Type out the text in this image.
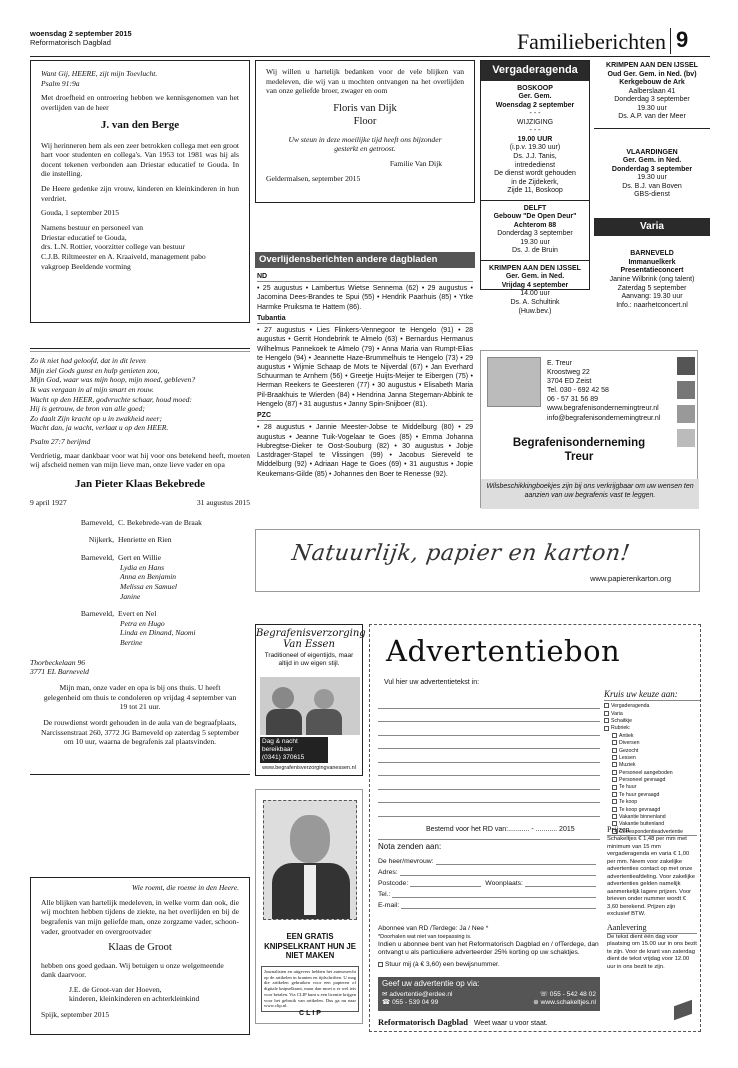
woensdag 2 september 2015
Reformatorisch Dagblad	Familieberichten 9

Want Gij, HEERE, zijt mijn Toevlucht.

Psalm 91:9a

Met droefheid en ontroering hebben we kennisgenomen van het overlijden van de heer

J. van den Berge

Wij herinneren hem als een zeer betrokken collega met een groot hart voor studenten en collega's. Van 1953 tot 1981 was hij als docent tekenen verbonden aan Driestar educatief te Gouda. In die instelling.

De Heere gedenke zijn vrouw, kinderen en kleinkinderen in hun verdriet.

Gouda, 1 september 2015

Namens bestuur en personeel van
Driestar educatief te Gouda,
drs. L.N. Rottier, voorzitter college van bestuur
C.J.B. Riltmeester en A. Kraaiveld, management pabo
vakgroep Beeldende vorming

Wij willen u hartelijk bedanken voor de vele blijken van medeleven, die wij van u mochten ontvangen na het overlijden van onze geliefde broer, zwager en oom

Floris van Dijk

Floor

Uw steun in deze moeilijke tijd heeft ons bijzonder gesterkt en getroost.

Familie Van Dijk

Geldermalsen, september 2015

Vergaderagenda
BOSKOOP
Ger. Gem.
Woensdag 2 september
- - -
WIJZIGING
- - -
19.00 UUR
(i.p.v. 19.30 uur)
Ds. J.J. Tanis,
intrededienst
De dienst wordt gehouden
in de Zijdekerk,
Zijde 11, Boskoop
DELFT
Gebouw "De Open Deur"
Achterom 88
Donderdag 3 september
19.30 uur
Ds. J. de Bruin
KRIMPEN AAN DEN IJSSEL
Ger. Gem. in Ned.
Vrijdag 4 september
14.00 uur
Ds. A. Schultink
(Huw.bev.)
KRIMPEN AAN DEN IJSSEL
Oud Ger. Gem. in Ned. (bv)
Kerkgebouw de Ark
Aalberslaan 41
Donderdag 3 september
19.30 uur
Ds. A.P. van der Meer
VLAARDINGEN
Ger. Gem. in Ned.
Donderdag 3 september
19.30 uur
Ds. B.J. van Boven
GBS-dienst
Varia
BARNEVELD
Immanuelkerk
Presentatieconcert
Janine Wilbrink (ong talent)
Zaterdag 5 september
Aanvang: 19.30 uur
Info.: naarhetconcert.nl
Overlijdensberichten andere dagbladen
ND
• 25 augustus • Lambertus Wietse Sennema (62) • 29 augustus • Jacomina Dees-Brandes te Spui (55) • Hendrik Paarhuis (85) • Ytke Harmke Pruiksma te Hattem (86).
Tubantia
• 27 augustus • Lies Flinkers-Vennegoor te Hengelo (91) • 28 augustus • Gerrit Hondebrink te Almelo (63) • Bernardus Hermanus Wilhelmus Pannekoek te Almelo (79) • Anna Maria van Rumpt-Elias te Hengelo (94) • Jeannette Haze-Brummelhuis te Hengelo (73) • 29 augustus • Wijmie Schaap de Mots te Nijverdal (67) • Jan Everhard Schuurman te Arnhem (56) • Greetje Huijts-Meijer te Eibergen (75) • Herman Reekers te Geesteren (77) • 30 augustus • Elisabeth Maria Pil-Braakhuis te Wierden (84) • Hendrina Janna Stegeman-Abbink te Hengelo (87) • 31 augustus • Janny Spin-Snijboer (81).
PZC
• 28 augustus • Jannie Meester-Jobse te Middelburg (80) • 29 augustus • Jeanne Tuik-Vogelaar te Goes (85) • Emma Johanna Hubregtse-Dieker te Oost-Souburg (82) • 30 augustus • Jobje Lastdrager-Stapel te Vlissingen (99) • Jacobus Siereveld te Middelburg (92) • Adriaan Hage te Goes (69) • 31 augustus • Jopie Keukemans-Gilde (85) • Johannes den Boer te Renesse (92).
E. Treur
Kroostweg 22
3704 ED Zeist
Tel. 030 - 692 42 58
06 - 57 31 56 89
www.begrafenisondernemingtreur.nl
info@begrafenisondernemingtreur.nl
Begrafenisonderneming
Treur
Wilsbeschikkingboekjes zijn bij ons verkrijgbaar om uw wensen ten aanzien van uw begrafenis vast te leggen.
Zo ik niet had geloofd, dat in dit leven
Mijn ziel Gods gunst en hulp genieten zou,
Mijn God, waar was mijn hoop, mijn moed, gebleven?
Ik was vergaan in al mijn smart en rouw.
Wacht op den HEER, godvruchte schaar, houd moed:
Hij is getrouw, de bron van alle goed;
Zo daalt Zijn kracht op u in zwakheid neer;
Wacht dan, ja wacht, verlaat u op den HEER.

Psalm 27:7 berijmd

Verdrietig, maar dankbaar voor wat hij voor ons betekend heeft, moeten wij afscheid nemen van mijn lieve man, onze lieve vader en opa

Jan Pieter Klaas Bekebrede

9 april 1927	31 augustus 2015
Barneveld, C. Bekebrede-van de Braak
Nijkerk, Henriette en Rien
Barneveld, Gert en Willie
Lydia en Hans
Anna en Benjamin
Melissa en Samuel
Janine
Barneveld, Evert en Nel
Petra en Hugo
Linda en Dinand, Naomi
Bertine

Thorbeckelaan 96

3771 EL Barneveld

Mijn man, onze vader en opa is bij ons thuis. U heeft gelegenheid om thuis te condoleren op vrijdag 4 september van 19 tot 21 uur.

De rouwdienst wordt gehouden in de aula van de begraafplaats, Narcissenstraat 260, 3772 JG Barneveld op zaterdag 5 september om 10 uur, waarna de begrafenis zal plaatsvinden.

Natuurlijk, papier en karton!
www.papierenkarton.org
Begrafenisverzorging
Van Essen
Traditioneel of eigentijds, maar altijd in uw eigen stijl.
Dag & nacht bereikbaar
(0341) 370615
www.begrafenisverzorgingvanessen.nl
EEN GRATIS KNIPSELKRANT HUN JE NIET MAKEN
Journalisten en uitgevers hebben het auteursrecht op de artikelen in kranten en tijdschriften. U mag die artikelen gebruiken voor een papieren of digitale knipselkrant, maar dan moet u er wel iets voor betalen. Via CLIP kunt u een licentie krijgen voor het gebruik van artikelen. Dus ga nu naar www.clip.nl.
CLIP

Wie roemt, die roeme in den Heere.

Alle blijken van hartelijk medeleven, in welke vorm dan ook, die wij mochten hebben tijdens de ziekte, na het overlijden en bij de begrafenis van mijn geliefde man, onze zorgzame vader, schoonvader, grootvader en overgrootvader

Klaas de Groot

hebben ons goed gedaan. Wij betuigen u onze welgemeende dank daarvoor.

J.E. de Groot-van der Hoeven,
kinderen, kleinkinderen en achterkleinkind

Spijk, september 2015

Advertentiebon
Vul hier uw advertentietekst in:
Kruis uw keuze aan:
Vergaderagenda
Varia
Schaitkje
Rubriek:
Antiek
Diversen
Gezocht
Lessen
Muziek
Personeel aangeboden
Personeel gevraagd
Te huur
Te huur gevraagd
Te koop
Te koop gevraagd
Vakantie binnenland
Vakantie buitenland
Correspondentieadvertentie
Bestemd voor het RD van:........... - ........... 2015
Nota zenden aan:
De heer/mevrouw:
Adres:
Postcode:	Woonplaats:
Tel.:
E-mail:
Abonnee van RD /Terdege: Ja / Nee *
*Doorhalen wat niet van toepassing is.
Indien u abonnee bent van het Reformatorisch Dagblad en / ofTerdege, dan ontvangt u als particuliere adverteerder 25% korting op uw schaktjes.
Stuur mij (à € 3,60) een bewijsnummer.
Geef uw advertentie op via:
✉ advertentie@erdee.nl	☏ 055 - 542 48 02
☎ 055 - 539 04 99	⊕ www.schakeltjes.nl
Reformatorisch Dagblad Weet waar u voor staat.
Prijzen
Schakeltjes € 1,48 per mm met minimum van 15 mm vergaderagenda en varia € 1,00 per mm. Neem voor zakelijke advertenties contact op met onze advertentieafdeling. Voor zakelijke advertenties gelden namelijk aanmerkelijk lagere prijzen. Voor brieven onder nummer wordt € 3,60 berekend. Prijzen zijn exclusief BTW.
Aanlevering
De tekst dient één dag voor plaatsing om 15.00 uur in ons bezit te zijn. Voor de krant van zaterdag dient de tekst vrijdag voor 12.00 uur in ons bezit te zijn.
